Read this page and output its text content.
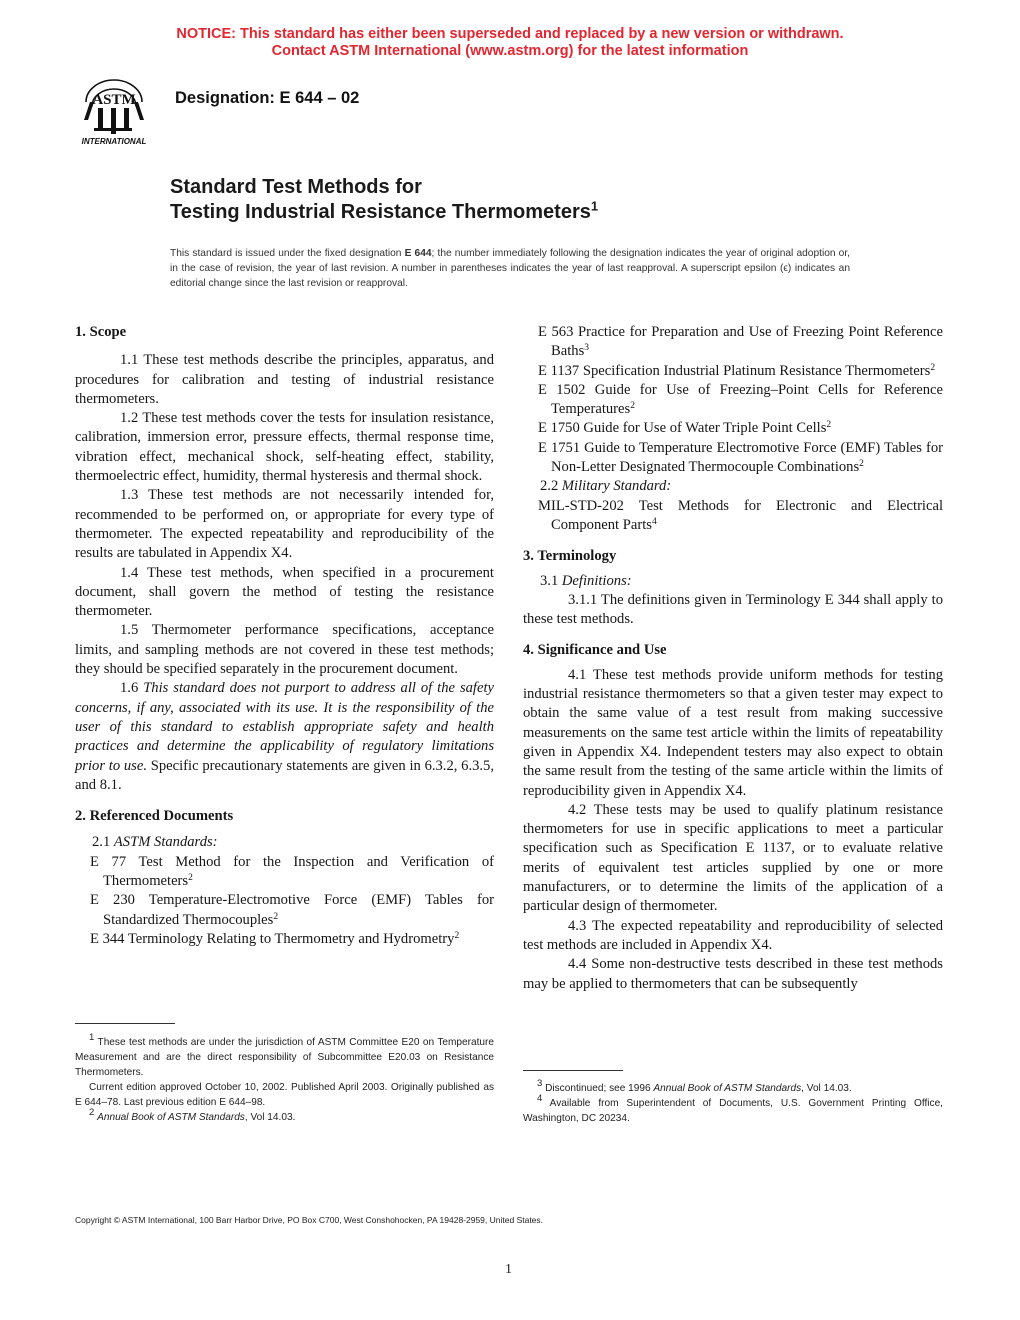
NOTICE: This standard has either been superseded and replaced by a new version or withdrawn.
Contact ASTM International (www.astm.org) for the latest information
ASTM
INTERNATIONAL
Designation: E 644 – 02
Standard Test Methods for
Testing Industrial Resistance Thermometers$^1$
This standard is issued under the fixed designation E 644; the number immediately following the designation indicates the year of original adoption or, in the case of revision, the year of last revision. A number in parentheses indicates the year of last reapproval. A superscript epsilon (ϵ) indicates an editorial change since the last revision or reapproval.

1. Scope

1.1 These test methods describe the principles, apparatus, and procedures for calibration and testing of industrial resistance thermometers.

1.2 These test methods cover the tests for insulation resistance, calibration, immersion error, pressure effects, thermal response time, vibration effect, mechanical shock, self-heating effect, stability, thermoelectric effect, humidity, thermal hysteresis and thermal shock.

1.3 These test methods are not necessarily intended for, recommended to be performed on, or appropriate for every type of thermometer. The expected repeatability and reproducibility of the results are tabulated in Appendix X4.

1.4 These test methods, when specified in a procurement document, shall govern the method of testing the resistance thermometer.

1.5 Thermometer performance specifications, acceptance limits, and sampling methods are not covered in these test methods; they should be specified separately in the procurement document.

1.6 This standard does not purport to address all of the safety concerns, if any, associated with its use. It is the responsibility of the user of this standard to establish appropriate safety and health practices and determine the applicability of regulatory limitations prior to use. Specific precautionary statements are given in 6.3.2, 6.3.5, and 8.1.

2. Referenced Documents

2.1 ASTM Standards:

E 77 Test Method for the Inspection and Verification of Thermometers$^2$

E 230 Temperature-Electromotive Force (EMF) Tables for Standardized Thermocouples$^2$

E 344 Terminology Relating to Thermometry and Hydrometry$^2$

$^1$ These test methods are under the jurisdiction of ASTM Committee E20 on Temperature Measurement and are the direct responsibility of Subcommittee E20.03 on Resistance Thermometers.

Current edition approved October 10, 2002. Published April 2003. Originally published as E 644–78. Last previous edition E 644–98.

$^2$ Annual Book of ASTM Standards, Vol 14.03.

E 563 Practice for Preparation and Use of Freezing Point Reference Baths$^3$

E 1137 Specification Industrial Platinum Resistance Thermometers$^2$

E 1502 Guide for Use of Freezing–Point Cells for Reference Temperatures$^2$

E 1750 Guide for Use of Water Triple Point Cells$^2$

E 1751 Guide to Temperature Electromotive Force (EMF) Tables for Non-Letter Designated Thermocouple Combinations$^2$

2.2 Military Standard:

MIL-STD-202 Test Methods for Electronic and Electrical Component Parts$^4$

3. Terminology

3.1 Definitions:

3.1.1 The definitions given in Terminology E 344 shall apply to these test methods.

4. Significance and Use

4.1 These test methods provide uniform methods for testing industrial resistance thermometers so that a given tester may expect to obtain the same value of a test result from making successive measurements on the same test article within the limits of repeatability given in Appendix X4. Independent testers may also expect to obtain the same result from the testing of the same article within the limits of reproducibility given in Appendix X4.

4.2 These tests may be used to qualify platinum resistance thermometers for use in specific applications to meet a particular specification such as Specification E 1137, or to evaluate relative merits of equivalent test articles supplied by one or more manufacturers, or to determine the limits of the application of a particular design of thermometer.

4.3 The expected repeatability and reproducibility of selected test methods are included in Appendix X4.

4.4 Some non-destructive tests described in these test methods may be applied to thermometers that can be subsequently

$^3$ Discontinued; see 1996 Annual Book of ASTM Standards, Vol 14.03.

$^4$ Available from Superintendent of Documents, U.S. Government Printing Office, Washington, DC 20234.

Copyright © ASTM International, 100 Barr Harbor Drive, PO Box C700, West Conshohocken, PA 19428-2959, United States.
1
